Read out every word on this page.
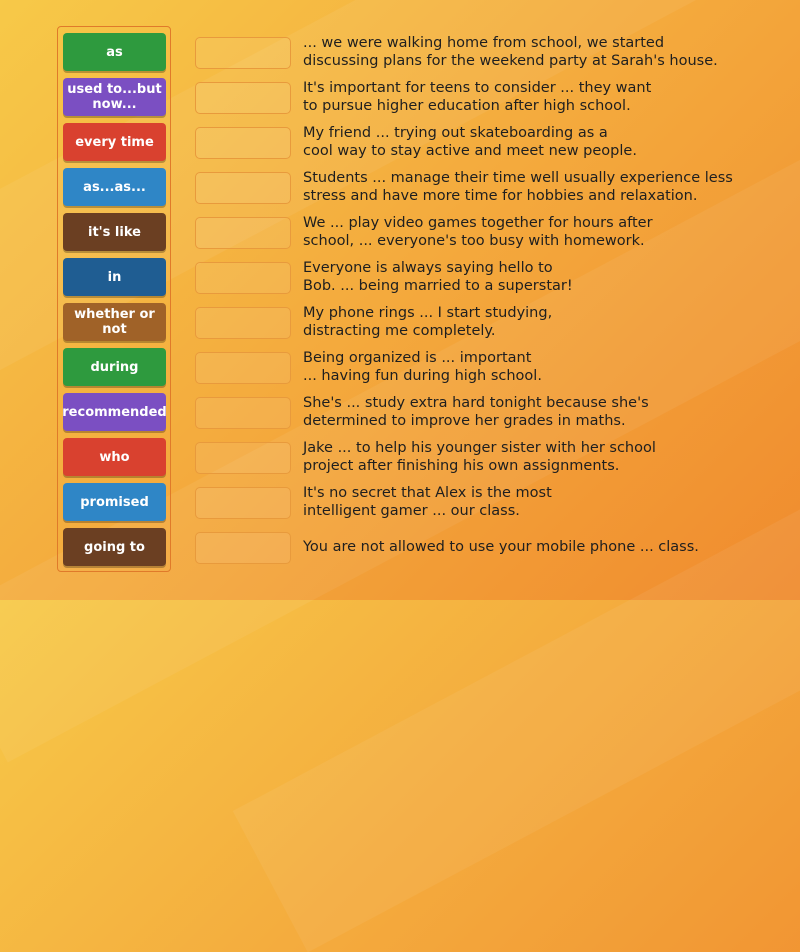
as
used to...but now...
every time
as...as...
it's like
in
whether or not
during
recommended
who
promised
going to
... we were walking home from school, we started
discussing plans for the weekend party at Sarah's house.
It's important for teens to consider ... they want
to pursue higher education after high school.
My friend ... trying out skateboarding as a
cool way to stay active and meet new people.
Students ... manage their time well usually experience less
stress and have more time for hobbies and relaxation.
We ... play video games together for hours after
school, ... everyone's too busy with homework.
Everyone is always saying hello to
Bob. ... being married to a superstar!
My phone rings ... I start studying,
distracting me completely.
Being organized is ... important
... having fun during high school.
She's ... study extra hard tonight because she's
determined to improve her grades in maths.
Jake ... to help his younger sister with her school
project after finishing his own assignments.
It's no secret that Alex is the most
intelligent gamer ... our class.
You are not allowed to use your mobile phone ... class.
